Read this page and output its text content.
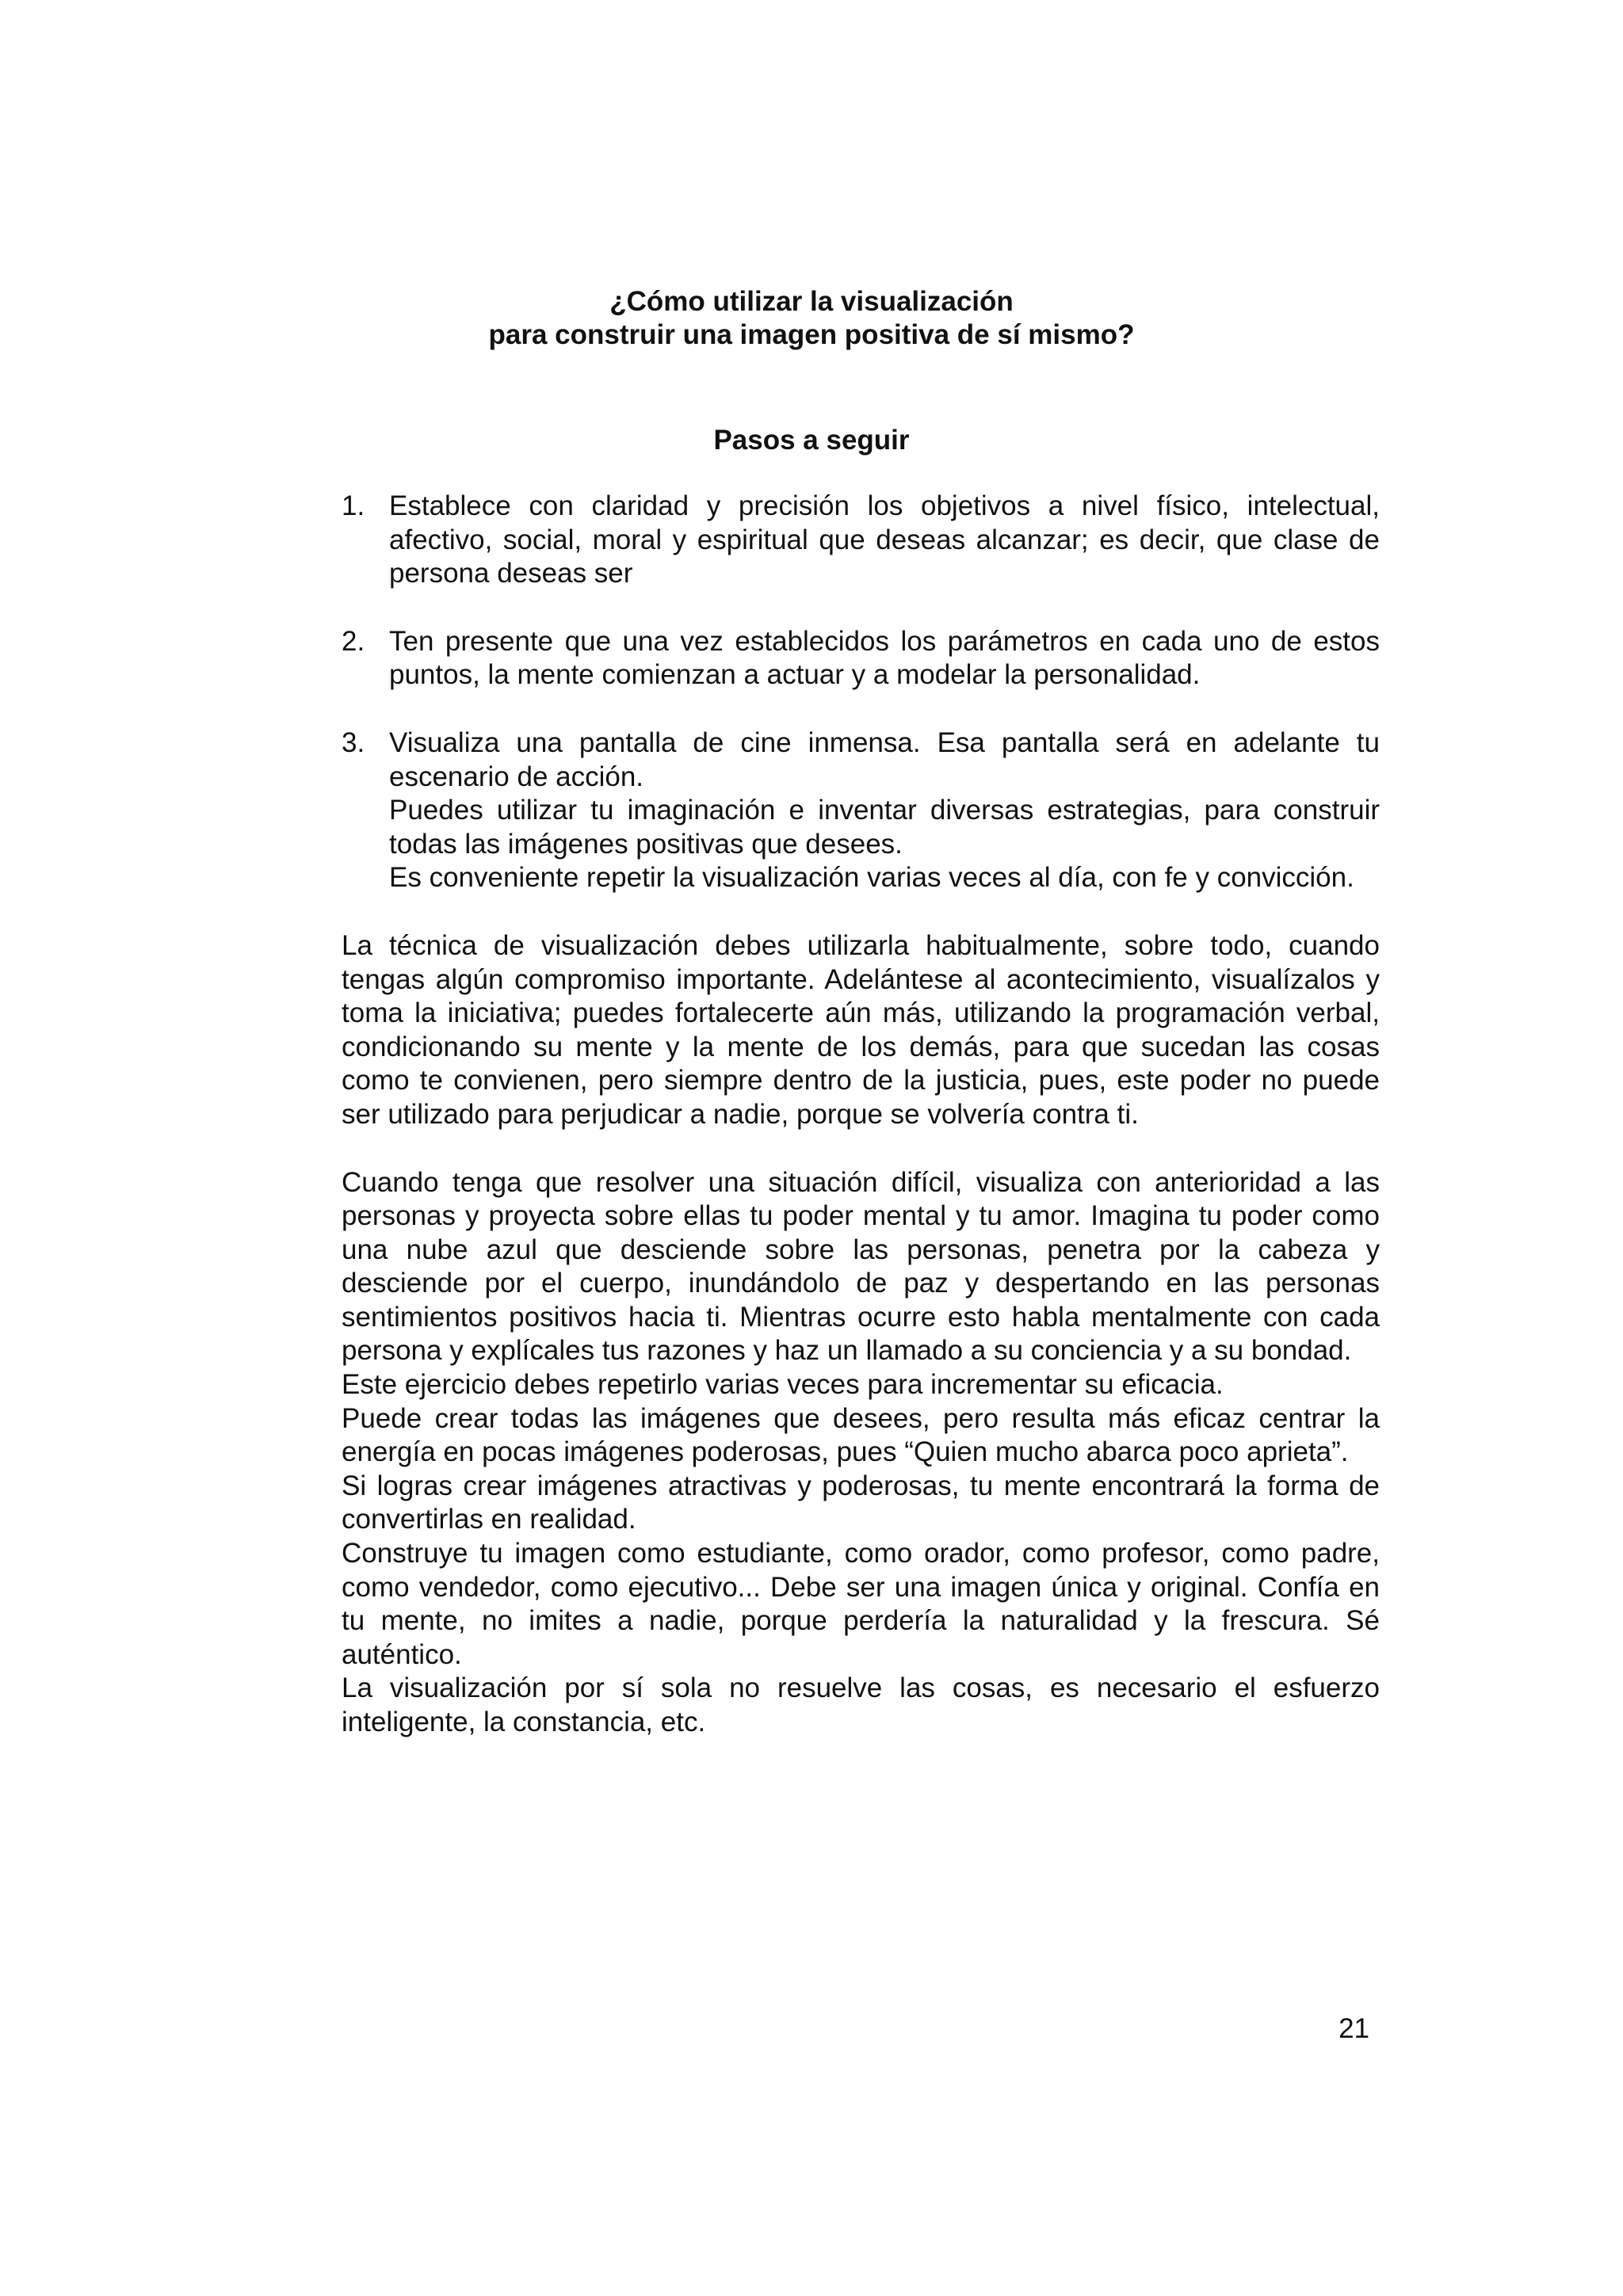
¿Cómo utilizar la visualización
para construir una imagen positiva de sí mismo?
Pasos a seguir
1. Establece con claridad y precisión los objetivos a nivel físico, intelectual, afectivo, social, moral y espiritual que deseas alcanzar; es decir, que clase de persona deseas ser

2. Ten presente que una vez establecidos los parámetros en cada uno de estos puntos, la mente comienzan a actuar y a modelar la personalidad.

3. Visualiza una pantalla de cine inmensa. Esa pantalla será en adelante tu escenario de acción.

Puedes utilizar tu imaginación e inventar diversas estrategias, para construir todas las imágenes positivas que desees.

Es conveniente repetir la visualización varias veces al día, con fe y convicción.

La técnica de visualización debes utilizarla habitualmente, sobre todo, cuando tengas algún compromiso importante. Adelántese al acontecimiento, visualízalos y toma la iniciativa; puedes fortalecerte aún más, utilizando la programación verbal, condicionando su mente y la mente de los demás, para que sucedan las cosas como te convienen, pero siempre dentro de la justicia, pues, este poder no puede ser utilizado para perjudicar a nadie, porque se volvería contra ti.

Cuando tenga que resolver una situación difícil, visualiza con anterioridad a las personas y proyecta sobre ellas tu poder mental y tu amor. Imagina tu poder como una nube azul que desciende sobre las personas, penetra por la cabeza y desciende por el cuerpo, inundándolo de paz y despertando en las personas sentimientos positivos hacia ti. Mientras ocurre esto habla mentalmente con cada persona y explícales tus razones y haz un llamado a su conciencia y a su bondad.

Este ejercicio debes repetirlo varias veces para incrementar su eficacia.

Puede crear todas las imágenes que desees, pero resulta más eficaz centrar la energía en pocas imágenes poderosas, pues “Quien mucho abarca poco aprieta”.

Si logras crear imágenes atractivas y poderosas, tu mente encontrará la forma de convertirlas en realidad.

Construye tu imagen como estudiante, como orador, como profesor, como padre, como vendedor, como ejecutivo... Debe ser una imagen única y original. Confía en tu mente, no imites a nadie, porque perdería la naturalidad y la frescura. Sé auténtico.

La visualización por sí sola no resuelve las cosas, es necesario el esfuerzo inteligente, la constancia, etc.

21
